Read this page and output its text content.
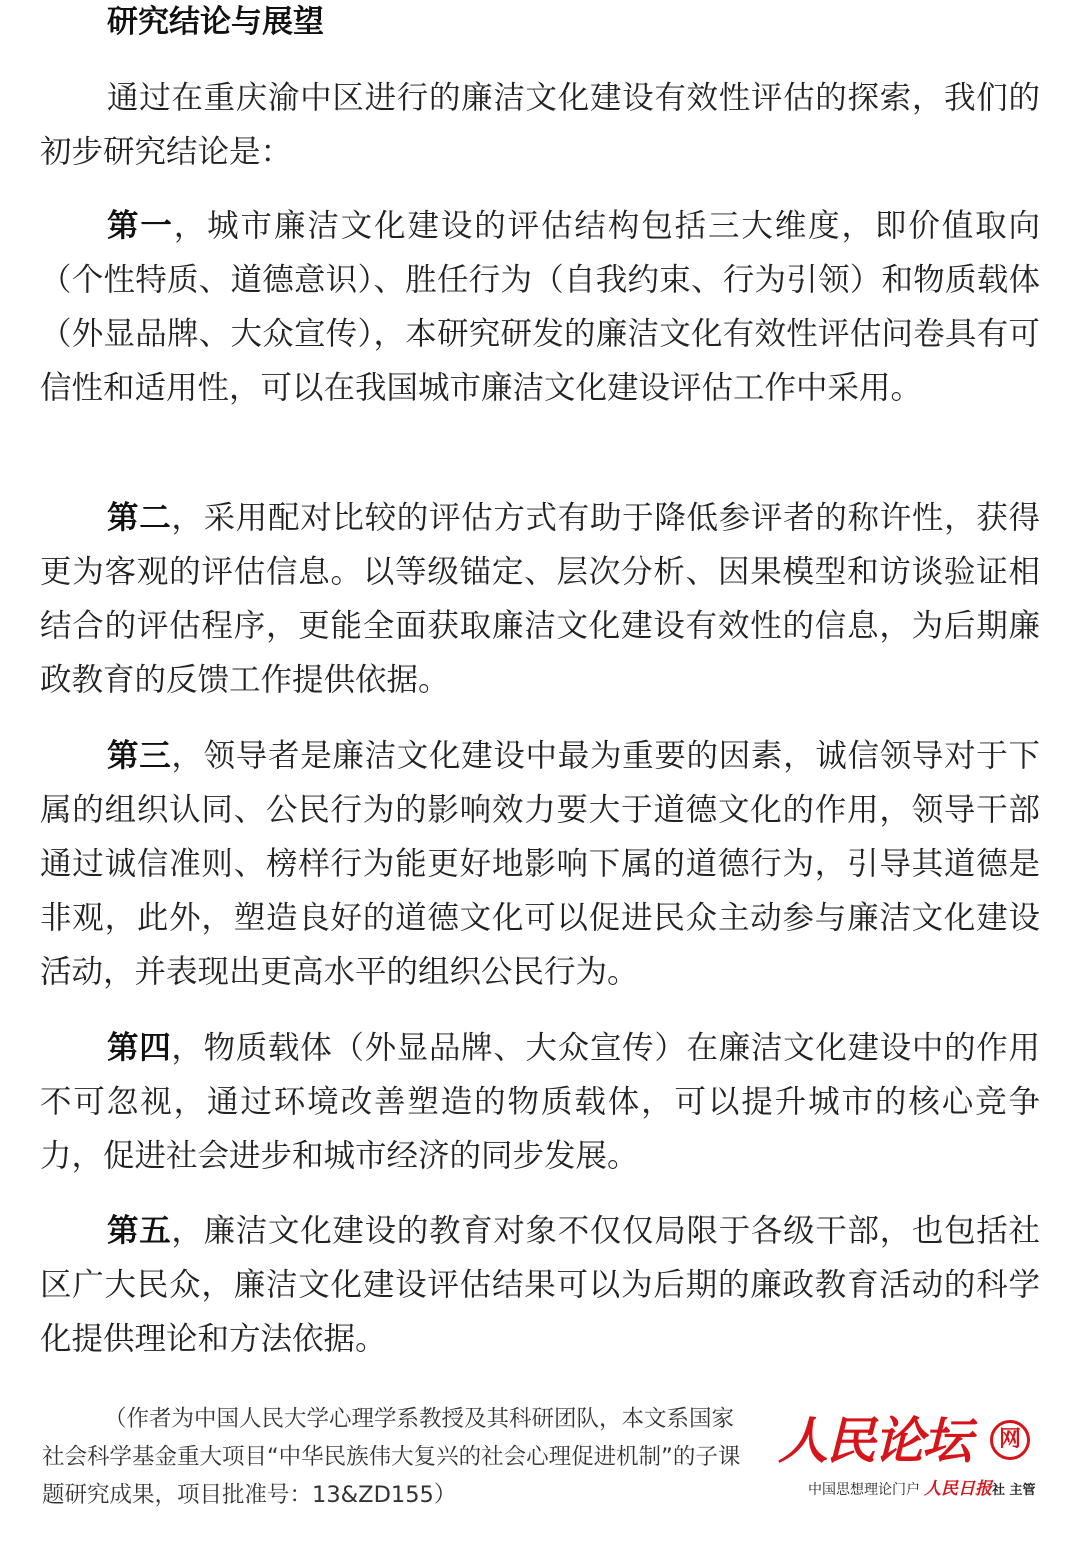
研究结论与展望

通过在重庆渝中区进行的廉洁文化建设有效性评估的探索，我们的初步研究结论是：

第一，城市廉洁文化建设的评估结构包括三大维度，即价值取向（个性特质、道德意识）、胜任行为（自我约束、行为引领）和物质载体（外显品牌、大众宣传），本研究研发的廉洁文化有效性评估问卷具有可信性和适用性，可以在我国城市廉洁文化建设评估工作中采用。

第二，采用配对比较的评估方式有助于降低参评者的称许性，获得更为客观的评估信息。以等级锚定、层次分析、因果模型和访谈验证相结合的评估程序，更能全面获取廉洁文化建设有效性的信息，为后期廉政教育的反馈工作提供依据。

第三，领导者是廉洁文化建设中最为重要的因素，诚信领导对于下属的组织认同、公民行为的影响效力要大于道德文化的作用，领导干部通过诚信准则、榜样行为能更好地影响下属的道德行为，引导其道德是非观，此外，塑造良好的道德文化可以促进民众主动参与廉洁文化建设活动，并表现出更高水平的组织公民行为。

第四，物质载体（外显品牌、大众宣传）在廉洁文化建设中的作用不可忽视，通过环境改善塑造的物质载体，可以提升城市的核心竞争力，促进社会进步和城市经济的同步发展。

第五，廉洁文化建设的教育对象不仅仅局限于各级干部，也包括社区广大民众，廉洁文化建设评估结果可以为后期的廉政教育活动的科学化提供理论和方法依据。

（作者为中国人民大学心理学系教授及其科研团队，本文系国家社会科学基金重大项目“中华民族伟大复兴的社会心理促进机制”的子课题研究成果，项目批准号：13&ZD155）

人民论坛	网
中国思想理论门户 人民日报社 主管
